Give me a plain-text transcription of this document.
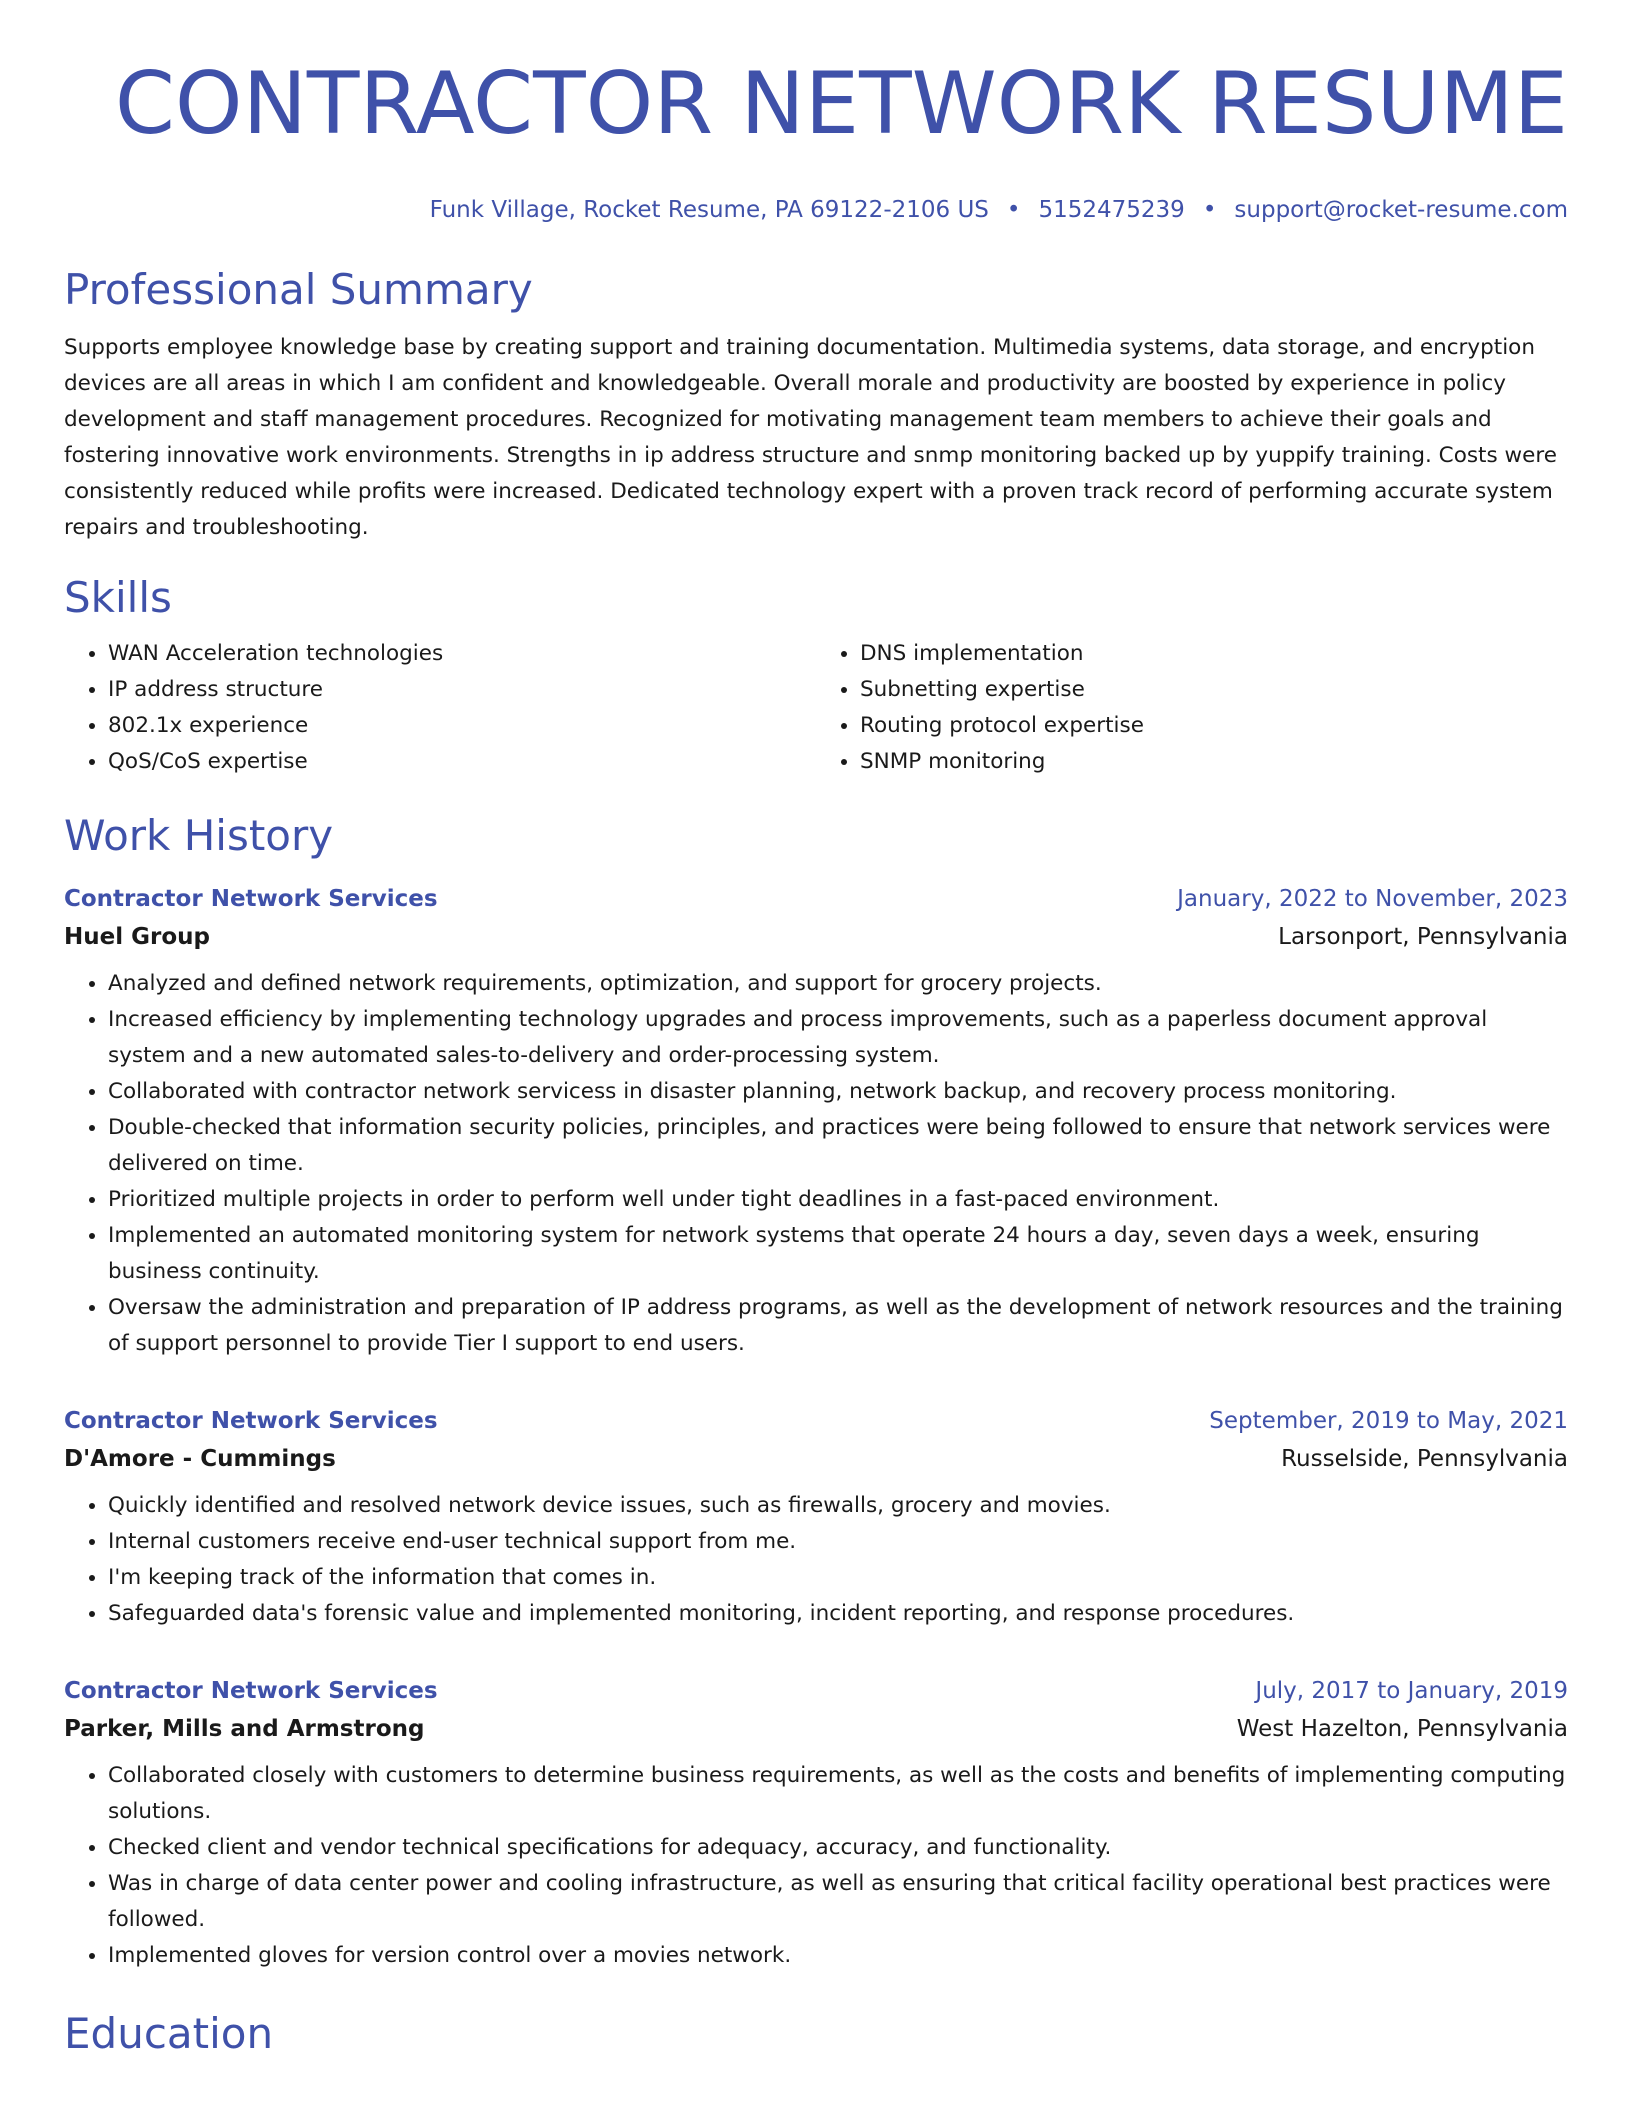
CONTRACTOR NETWORK RESUME
Funk Village, Rocket Resume, PA 69122-2106 US • 5152475239 • support@rocket-resume.com
Professional Summary

Supports employee knowledge base by creating support and training documentation. Multimedia systems, data storage, and encryption devices are all areas in which I am confident and knowledgeable. Overall morale and productivity are boosted by experience in policy development and staff management procedures. Recognized for motivating management team members to achieve their goals and fostering innovative work environments. Strengths in ip address structure and snmp monitoring backed up by yuppify training. Costs were consistently reduced while profits were increased. Dedicated technology expert with a proven track record of performing accurate system repairs and troubleshooting.

Skills
• WAN Acceleration technologies
• IP address structure
• 802.1x experience
• QoS/CoS expertise
• DNS implementation
• Subnetting expertise
• Routing protocol expertise
• SNMP monitoring
Work History
Contractor Network Services	January, 2022 to November, 2023
Huel Group	Larsonport, Pennsylvania
• Analyzed and defined network requirements, optimization, and support for grocery projects.
• Increased efficiency by implementing technology upgrades and process improvements, such as a paperless document approval system and a new automated sales-to-delivery and order-processing system.
• Collaborated with contractor network servicess in disaster planning, network backup, and recovery process monitoring.
• Double-checked that information security policies, principles, and practices were being followed to ensure that network services were delivered on time.
• Prioritized multiple projects in order to perform well under tight deadlines in a fast-paced environment.
• Implemented an automated monitoring system for network systems that operate 24 hours a day, seven days a week, ensuring business continuity.
• Oversaw the administration and preparation of IP address programs, as well as the development of network resources and the training of support personnel to provide Tier I support to end users.
Contractor Network Services	September, 2019 to May, 2021
D'Amore - Cummings	Russelside, Pennsylvania
• Quickly identified and resolved network device issues, such as firewalls, grocery and movies.
• Internal customers receive end-user technical support from me.
• I'm keeping track of the information that comes in.
• Safeguarded data's forensic value and implemented monitoring, incident reporting, and response procedures.
Contractor Network Services	July, 2017 to January, 2019
Parker, Mills and Armstrong	West Hazelton, Pennsylvania
• Collaborated closely with customers to determine business requirements, as well as the costs and benefits of implementing computing solutions.
• Checked client and vendor technical specifications for adequacy, accuracy, and functionality.
• Was in charge of data center power and cooling infrastructure, as well as ensuring that critical facility operational best practices were followed.
• Implemented gloves for version control over a movies network.
Education
